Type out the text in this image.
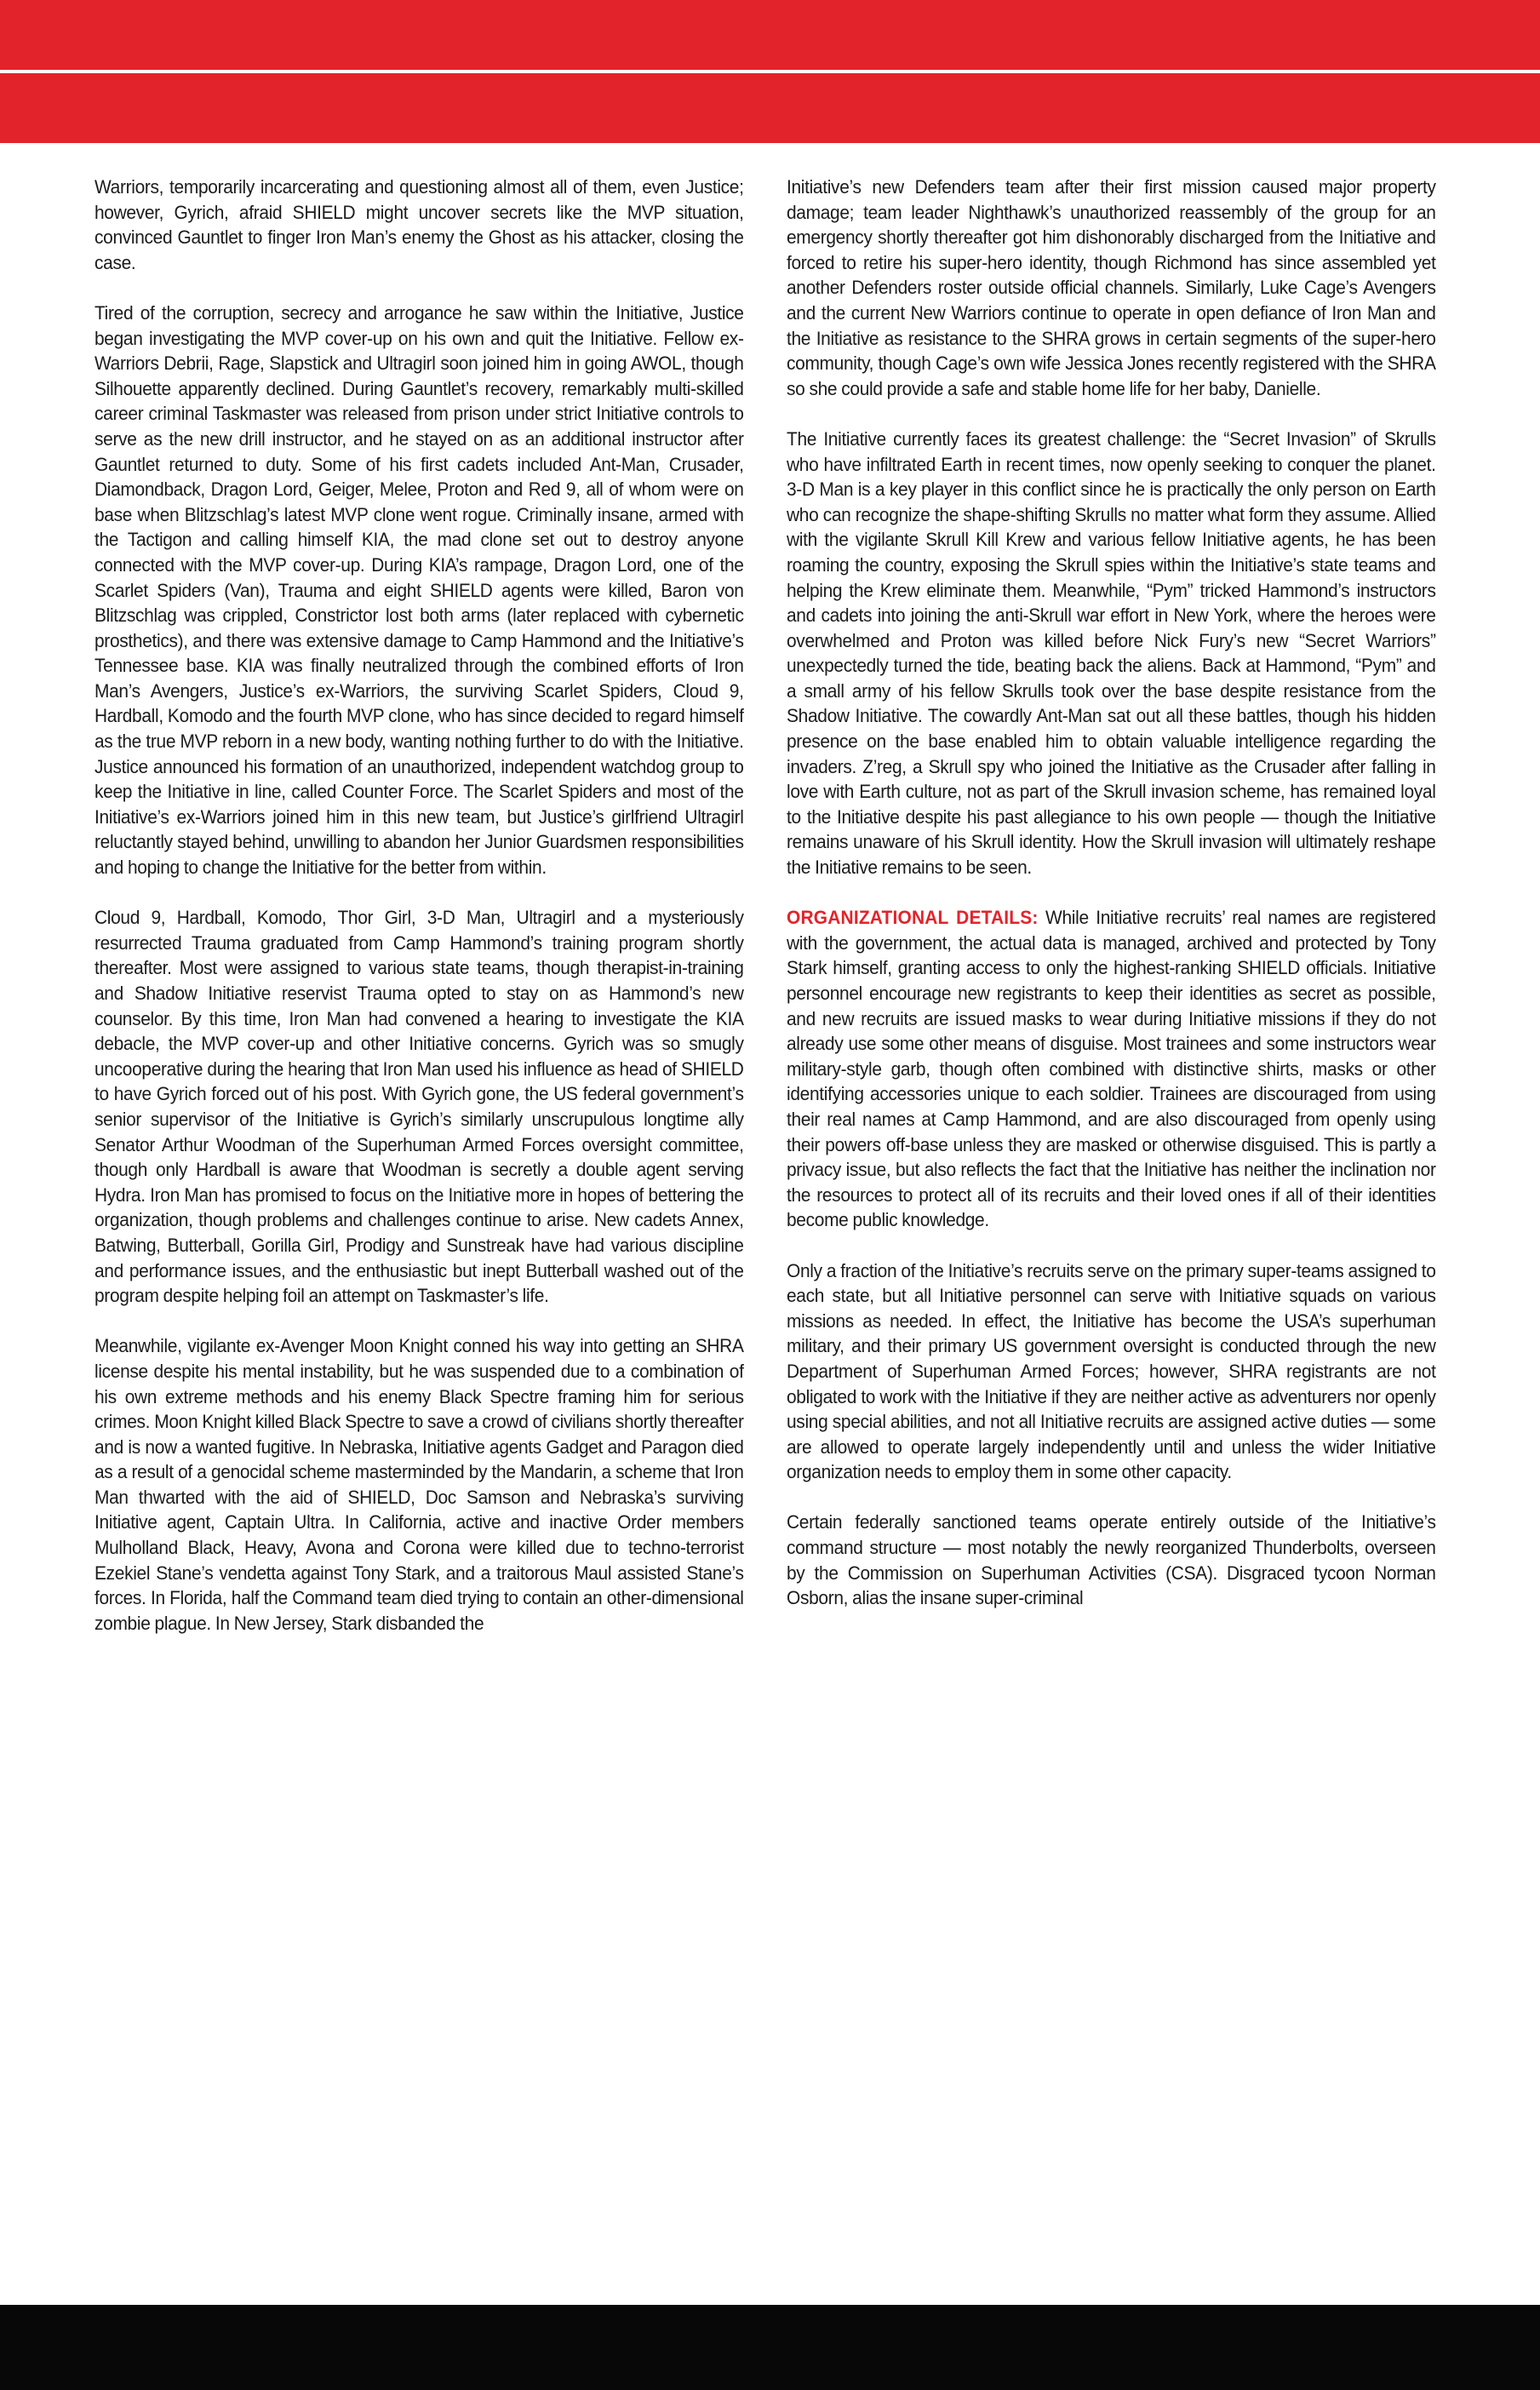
Warriors, temporarily incarcerating and questioning almost all of them, even Justice; however, Gyrich, afraid SHIELD might uncover secrets like the MVP situation, convinced Gauntlet to finger Iron Man’s enemy the Ghost as his attacker, closing the case.

Tired of the corruption, secrecy and arrogance he saw within the Initiative, Justice began investigating the MVP cover-up on his own and quit the Initiative. Fellow ex-Warriors Debrii, Rage, Slapstick and Ultragirl soon joined him in going AWOL, though Silhouette apparently declined. During Gauntlet’s recovery, remarkably multi-skilled career criminal Taskmaster was released from prison under strict Initiative controls to serve as the new drill instructor, and he stayed on as an additional instructor after Gauntlet returned to duty. Some of his first cadets included Ant-Man, Crusader, Diamondback, Dragon Lord, Geiger, Melee, Proton and Red 9, all of whom were on base when Blitzschlag’s latest MVP clone went rogue. Criminally insane, armed with the Tactigon and calling himself KIA, the mad clone set out to destroy anyone connected with the MVP cover-up. During KIA’s rampage, Dragon Lord, one of the Scarlet Spiders (Van), Trauma and eight SHIELD agents were killed, Baron von Blitzschlag was crippled, Constrictor lost both arms (later replaced with cybernetic prosthetics), and there was extensive damage to Camp Hammond and the Initiative’s Tennessee base. KIA was finally neutralized through the combined efforts of Iron Man’s Avengers, Justice’s ex-Warriors, the surviving Scarlet Spiders, Cloud 9, Hardball, Komodo and the fourth MVP clone, who has since decided to regard himself as the true MVP reborn in a new body, wanting nothing further to do with the Initiative. Justice announced his formation of an unauthorized, independent watchdog group to keep the Initiative in line, called Counter Force. The Scarlet Spiders and most of the Initiative’s ex-Warriors joined him in this new team, but Justice’s girlfriend Ultragirl reluctantly stayed behind, unwilling to abandon her Junior Guardsmen responsibilities and hoping to change the Initiative for the better from within.

Cloud 9, Hardball, Komodo, Thor Girl, 3-D Man, Ultragirl and a mysteriously resurrected Trauma graduated from Camp Hammond’s training program shortly thereafter. Most were assigned to various state teams, though therapist-in-training and Shadow Initiative reservist Trauma opted to stay on as Hammond’s new counselor. By this time, Iron Man had convened a hearing to investigate the KIA debacle, the MVP cover-up and other Initiative concerns. Gyrich was so smugly uncooperative during the hearing that Iron Man used his influence as head of SHIELD to have Gyrich forced out of his post. With Gyrich gone, the US federal government’s senior supervisor of the Initiative is Gyrich’s similarly unscrupulous longtime ally Senator Arthur Woodman of the Superhuman Armed Forces oversight committee, though only Hardball is aware that Woodman is secretly a double agent serving Hydra. Iron Man has promised to focus on the Initiative more in hopes of bettering the organization, though problems and challenges continue to arise. New cadets Annex, Batwing, Butterball, Gorilla Girl, Prodigy and Sunstreak have had various discipline and performance issues, and the enthusiastic but inept Butterball washed out of the program despite helping foil an attempt on Taskmaster’s life.

Meanwhile, vigilante ex-Avenger Moon Knight conned his way into getting an SHRA license despite his mental instability, but he was suspended due to a combination of his own extreme methods and his enemy Black Spectre framing him for serious crimes. Moon Knight killed Black Spectre to save a crowd of civilians shortly thereafter and is now a wanted fugitive. In Nebraska, Initiative agents Gadget and Paragon died as a result of a genocidal scheme masterminded by the Mandarin, a scheme that Iron Man thwarted with the aid of SHIELD, Doc Samson and Nebraska’s surviving Initiative agent, Captain Ultra. In California, active and inactive Order members Mulholland Black, Heavy, Avona and Corona were killed due to techno-terrorist Ezekiel Stane’s vendetta against Tony Stark, and a traitorous Maul assisted Stane’s forces. In Florida, half the Command team died trying to contain an other-dimensional zombie plague. In New Jersey, Stark disbanded the

Initiative’s new Defenders team after their first mission caused major property damage; team leader Nighthawk’s unauthorized reassembly of the group for an emergency shortly thereafter got him dishonorably discharged from the Initiative and forced to retire his super-hero identity, though Richmond has since assembled yet another Defenders roster outside official channels. Similarly, Luke Cage’s Avengers and the current New Warriors continue to operate in open defiance of Iron Man and the Initiative as resistance to the SHRA grows in certain segments of the super-hero community, though Cage’s own wife Jessica Jones recently registered with the SHRA so she could provide a safe and stable home life for her baby, Danielle.

The Initiative currently faces its greatest challenge: the “Secret Invasion” of Skrulls who have infiltrated Earth in recent times, now openly seeking to conquer the planet. 3-D Man is a key player in this conflict since he is practically the only person on Earth who can recognize the shape-shifting Skrulls no matter what form they assume. Allied with the vigilante Skrull Kill Krew and various fellow Initiative agents, he has been roaming the country, exposing the Skrull spies within the Initiative’s state teams and helping the Krew eliminate them. Meanwhile, “Pym” tricked Hammond’s instructors and cadets into joining the anti-Skrull war effort in New York, where the heroes were overwhelmed and Proton was killed before Nick Fury’s new “Secret Warriors” unexpectedly turned the tide, beating back the aliens. Back at Hammond, “Pym” and a small army of his fellow Skrulls took over the base despite resistance from the Shadow Initiative. The cowardly Ant-Man sat out all these battles, though his hidden presence on the base enabled him to obtain valuable intelligence regarding the invaders. Z’reg, a Skrull spy who joined the Initiative as the Crusader after falling in love with Earth culture, not as part of the Skrull invasion scheme, has remained loyal to the Initiative despite his past allegiance to his own people — though the Initiative remains unaware of his Skrull identity. How the Skrull invasion will ultimately reshape the Initiative remains to be seen.

ORGANIZATIONAL DETAILS: While Initiative recruits’ real names are registered with the government, the actual data is managed, archived and protected by Tony Stark himself, granting access to only the highest-ranking SHIELD officials. Initiative personnel encourage new registrants to keep their identities as secret as possible, and new recruits are issued masks to wear during Initiative missions if they do not already use some other means of disguise. Most trainees and some instructors wear military-style garb, though often combined with distinctive shirts, masks or other identifying accessories unique to each soldier. Trainees are discouraged from using their real names at Camp Hammond, and are also discouraged from openly using their powers off-base unless they are masked or otherwise disguised. This is partly a privacy issue, but also reflects the fact that the Initiative has neither the inclination nor the resources to protect all of its recruits and their loved ones if all of their identities become public knowledge.

Only a fraction of the Initiative’s recruits serve on the primary super-teams assigned to each state, but all Initiative personnel can serve with Initiative squads on various missions as needed. In effect, the Initiative has become the USA’s superhuman military, and their primary US government oversight is conducted through the new Department of Superhuman Armed Forces; however, SHRA registrants are not obligated to work with the Initiative if they are neither active as adventurers nor openly using special abilities, and not all Initiative recruits are assigned active duties — some are allowed to operate largely independently until and unless the wider Initiative organization needs to employ them in some other capacity.

Certain federally sanctioned teams operate entirely outside of the Initiative’s command structure — most notably the newly reorganized Thunderbolts, overseen by the Commission on Superhuman Activities (CSA). Disgraced tycoon Norman Osborn, alias the insane super-criminal
